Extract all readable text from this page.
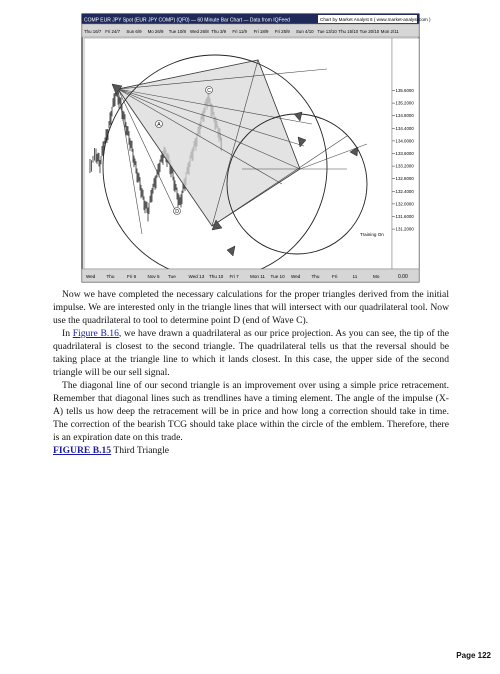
COMP EUR JPY Spot (EUR JPY COMP) (QF0) — 60 Minute Bar Chart — Data from IQFeed	Chart by Market Analyst 6 ( www.market-analyst.com )
Thu 16/7 Fri 24/7 Sun 6/9 Mo 26/9 Tue 10/8 Wed 26/8 Thu 3/9 Fri 11/9 Fri 18/9 Fri 25/9 Sun 4/10 Tue 13/10 Thu 15/10 Tue 20/10 Mon 2/11
A
C
D
Training On
135.6000
135.2000
134.8000
134.4000
134.0000
133.6000
133.2000
132.8000
132.4000
132.0000
131.6000
131.2000
Wed Thu	Fri 6 Nov 5 Tue	Wed 13 Thu 10 Fri 7 Mon 11 Tue 10 Wed Thu	Fri	11	Mo	0.00

Now we have completed the necessary calculations for the proper triangles derived from the initial impulse. We are interested only in the triangle lines that will intersect with our quadrilateral tool. Now use the quadrilateral to tool to determine point D (end of Wave C).

In Figure B.16, we have drawn a quadrilateral as our price projection. As you can see, the tip of the quadrilateral is closest to the second triangle. The quadrilateral tells us that the reversal should be taking place at the triangle line to which it lands closest. In this case, the upper side of the second triangle will be our sell signal.

The diagonal line of our second triangle is an improvement over using a simple price retracement. Remember that diagonal lines such as trendlines have a timing element. The angle of the impulse (X-A) tells us how deep the retracement will be in price and how long a correction should take in time. The correction of the bearish TCG should take place within the circle of the emblem. Therefore, there is an expiration date on this trade.

FIGURE B.15 Third Triangle
Page 122
